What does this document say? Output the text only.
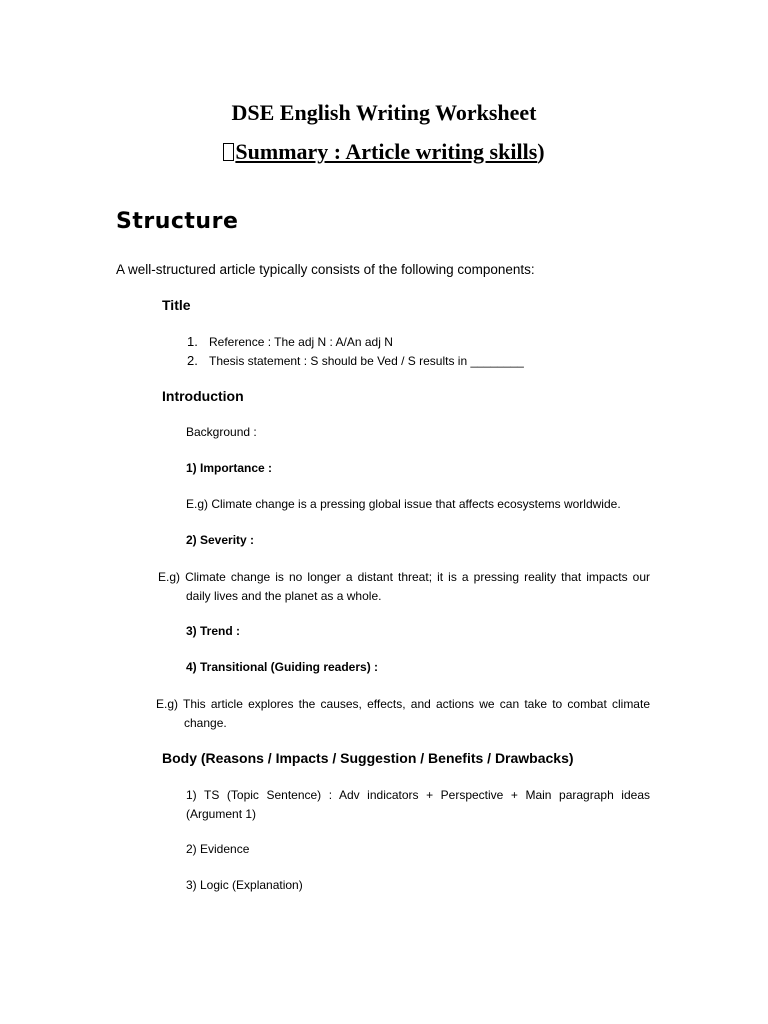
DSE English Writing Worksheet
Summary : Article writing skills)
Structure
A well-structured article typically consists of the following components:
Title
1. Reference : The adj N : A/An adj N
2. Thesis statement : S should be Ved / S results in ________
Introduction
Background :
1) Importance :
E.g) Climate change is a pressing global issue that affects ecosystems worldwide.
2) Severity :
E.g) Climate change is no longer a distant threat; it is a pressing reality that impacts our daily lives and the planet as a whole.
3) Trend :
4) Transitional (Guiding readers) :
E.g) This article explores the causes, effects, and actions we can take to combat climate change.
Body (Reasons / Impacts / Suggestion / Benefits / Drawbacks)
1) TS (Topic Sentence) : Adv indicators + Perspective + Main paragraph ideas (Argument 1)
2) Evidence
3) Logic (Explanation)
